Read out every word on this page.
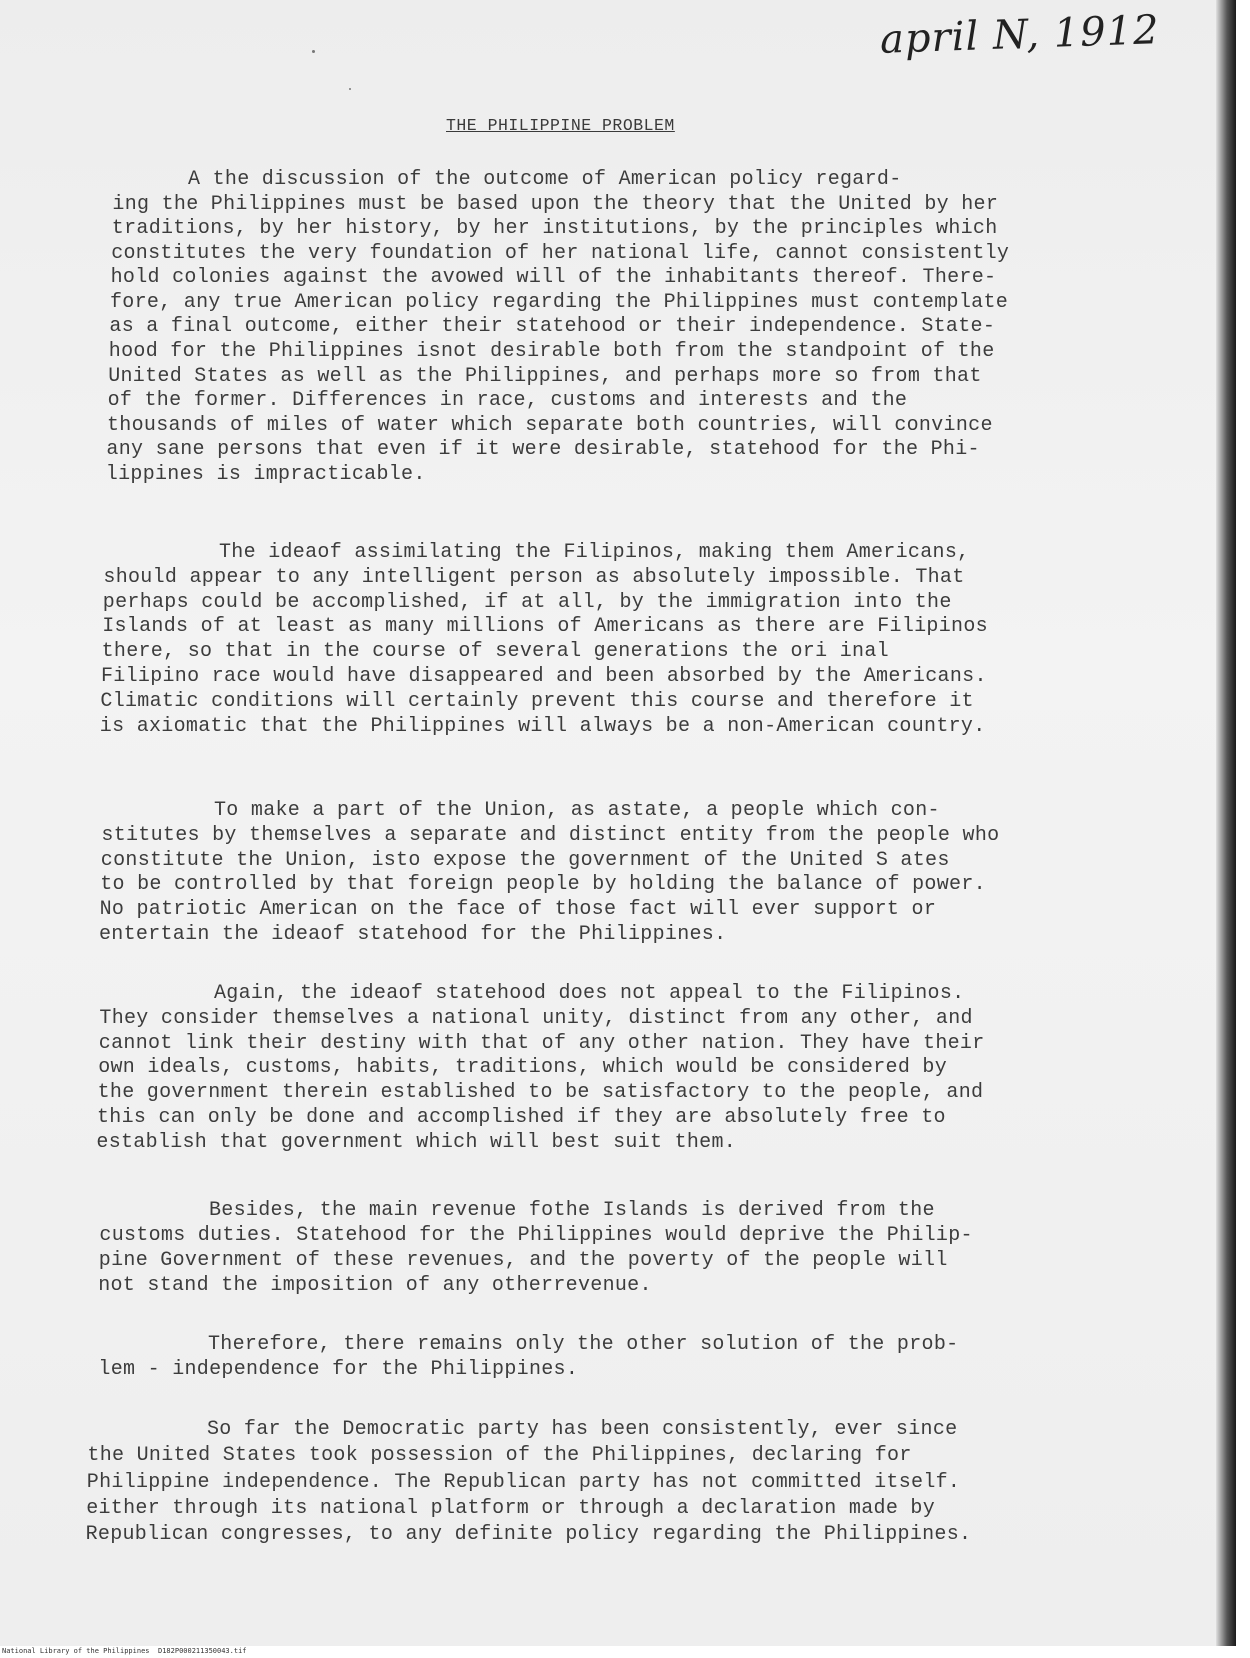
april N, 1912
THE PHILIPPINE PROBLEM
A the discussion of the outcome of American policy regard-
ing the Philippines must be based upon the theory that the United by her
traditions, by her history, by her institutions, by the principles which
constitutes the very foundation of her national life, cannot consistently
hold colonies against the avowed will of the inhabitants thereof. There-
fore, any true American policy regarding the Philippines must contemplate
as a final outcome, either their statehood or their independence. State-
hood for the Philippines isnot desirable both from the standpoint of the
United States as well as the Philippines, and perhaps more so from that
of the former. Differences in race, customs and interests and the
thousands of miles of water which separate both countries, will convince
any sane persons that even if it were desirable, statehood for the Phi-
lippines is impracticable.
The ideaof assimilating the Filipinos, making them Americans,
should appear to any intelligent person as absolutely impossible. That
perhaps could be accomplished, if at all, by the immigration into the
Islands of at least as many millions of Americans as there are Filipinos
there, so that in the course of several generations the ori inal
Filipino race would have disappeared and been absorbed by the Americans.
Climatic conditions will certainly prevent this course and therefore it
is axiomatic that the Philippines will always be a non-American country.
To make a part of the Union, as astate, a people which con-
stitutes by themselves a separate and distinct entity from the people who
constitute the Union, isto expose the government of the United S ates
to be controlled by that foreign people by holding the balance of power.
No patriotic American on the face of those fact will ever support or
entertain the ideaof statehood for the Philippines.
Again, the ideaof statehood does not appeal to the Filipinos.
They consider themselves a national unity, distinct from any other, and
cannot link their destiny with that of any other nation. They have their
own ideals, customs, habits, traditions, which would be considered by
the government therein established to be satisfactory to the people, and
this can only be done and accomplished if they are absolutely free to
establish that government which will best suit them.
Besides, the main revenue fothe Islands is derived from the
customs duties. Statehood for the Philippines would deprive the Philip-
pine Government of these revenues, and the poverty of the people will
not stand the imposition of any otherrevenue.
Therefore, there remains only the other solution of the prob-
lem - independence for the Philippines.
So far the Democratic party has been consistently, ever since
the United States took possession of the Philippines, declaring for
Philippine independence. The Republican party has not committed itself.
either through its national platform or through a declaration made by
Republican congresses, to any definite policy regarding the Philippines.
National Library of the Philippines D182P000211350043.tif
